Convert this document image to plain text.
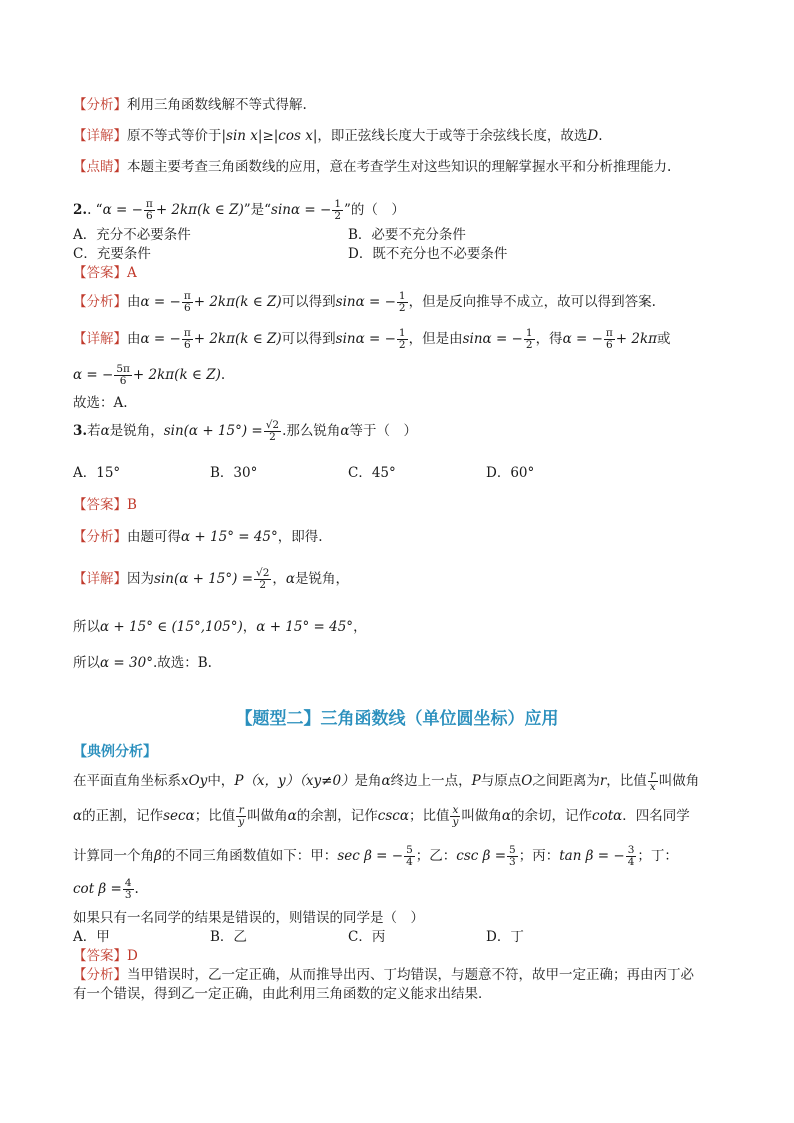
【分析】利用三角函数线解不等式得解.
【详解】原不等式等价于|sin x|≥|cos x|，即正弦线长度大于或等于余弦线长度，故选D.
【点睛】本题主要考查三角函数线的应用，意在考查学生对这些知识的理解掌握水平和分析推理能力.
2.. “α = − $\frac{\pi}{6} + 2k\pi(k$ ∈ Z)”是“sinα = − $\frac{1}{2}$ ”的（　）
A．充分不必要条件	B．必要不充分条件
C．充要条件	D．既不充分也不必要条件
【答案】A
【分析】由α = − $\frac{\pi}{6} + 2k\pi(k$ ∈ Z)可以得到sinα = − $\frac{1}{2}$ ，但是反向推导不成立，故可以得到答案.
【详解】由α = − $\frac{\pi}{6} + 2k\pi(k$ ∈ Z)可以得到sinα = − $\frac{1}{2}$ ，但是由sinα = − $\frac{1}{2}$ ，得α = − $\frac{\pi}{6} + 2k\pi$或
α = − $\frac{5\pi}{6} + 2k\pi(k$ ∈ Z).
故选：A.
3.若α是锐角，$\sin(\alpha + 15^\circ) = \frac{√2}{2}$ .那么锐角α等于（　）
A．15°	B．30°	C．45°	D．60°
【答案】B
【分析】由题可得α + 15° = 45°，即得.
【详解】因为$\sin(\alpha + 15^\circ) = \frac{√2}{2}$ ，α是锐角，
所以α + 15° ∈ (15°,105°)，α + 15° = 45°，
所以α = 30°.故选：B.
【题型二】三角函数线（单位圆坐标）应用
【典例分析】
在平面直角坐标系xOy中，P（x，y）（xy≠0）是角α终边上一点，P与原点O之间距离为r，比值 $\frac{r}{x}$ 叫做角
α的正割，记作secα；比值 $\frac{r}{y}$ 叫做角α的余割，记作cscα；比值 $\frac{x}{y}$ 叫做角α的余切，记作cotα．四名同学
计算同一个角β的不同三角函数值如下：甲：sec β = − $\frac{5}{4}$ ；乙：$\csc \beta = \frac{5}{3}$ ；丙：tan β = − $\frac{3}{4}$ ；丁：
$\cot \beta = \frac{4}{3}$ .
如果只有一名同学的结果是错误的，则错误的同学是（　）
A．甲	B．乙	C．丙	D．丁
【答案】D
【分析】当甲错误时，乙一定正确，从而推导出丙、丁均错误，与题意不符，故甲一定正确；再由丙丁必
有一个错误，得到乙一定正确，由此利用三角函数的定义能求出结果．
